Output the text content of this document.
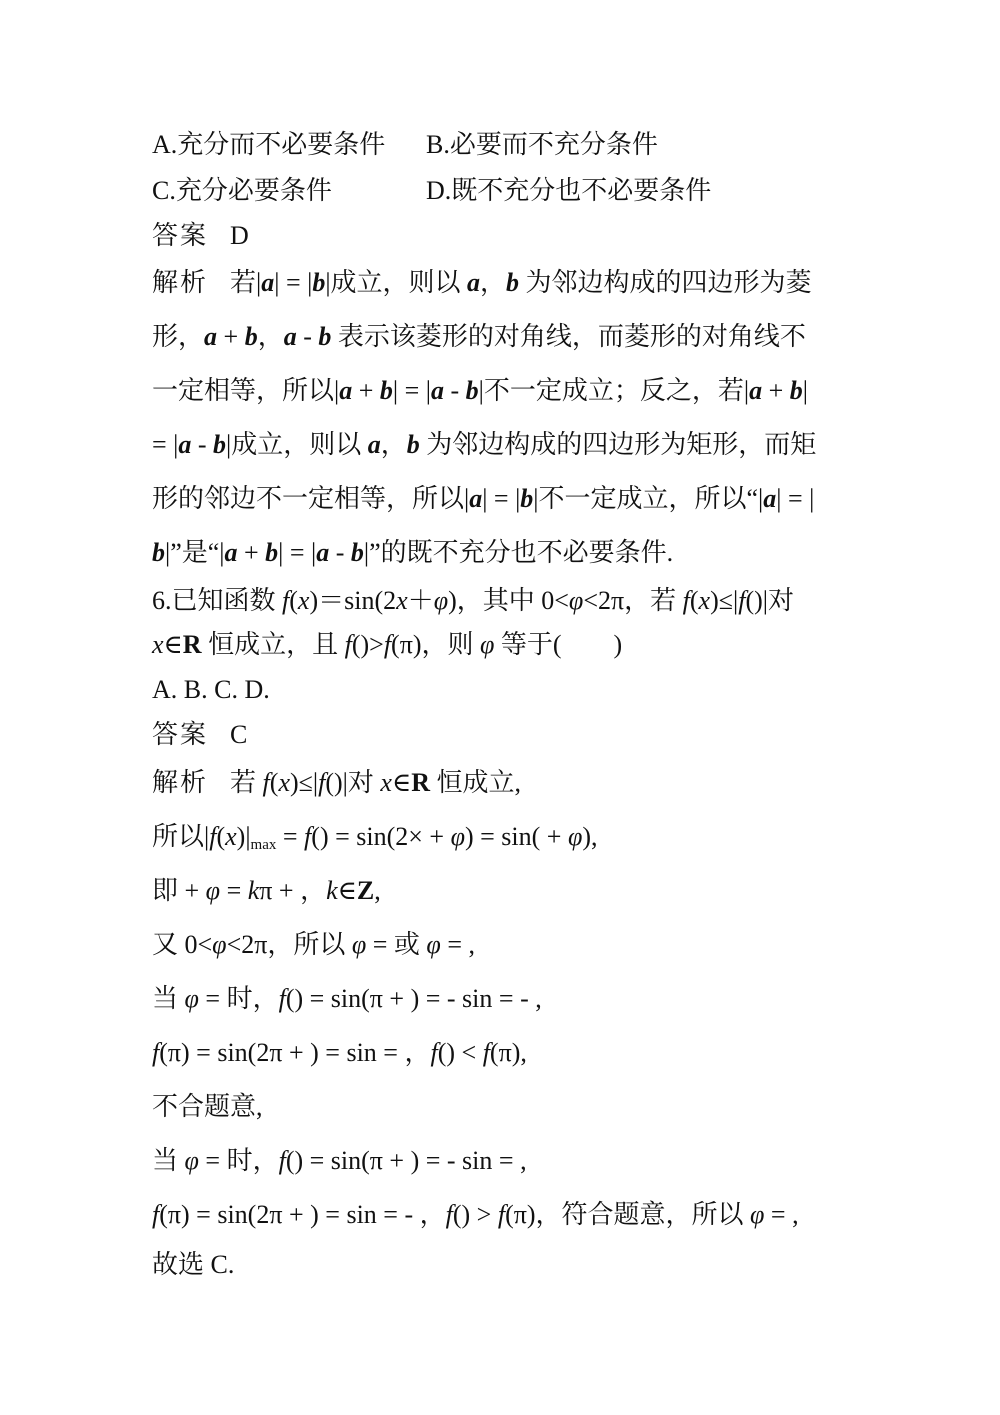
A.充分而不必要条件 B.必要而不充分条件
C.充分必要条件	D.既不充分也不必要条件
答案 D
解析 若|a| = |b|成立，则以 a，b 为邻边构成的四边形为菱
形，a + b，a - b 表示该菱形的对角线，而菱形的对角线不
一定相等，所以|a + b| = |a - b|不一定成立；反之，若|a + b|
= |a - b|成立，则以 a，b 为邻边构成的四边形为矩形，而矩
形的邻边不一定相等，所以|a| = |b|不一定成立，所以“|a| = |
b|”是“|a + b| = |a - b|”的既不充分也不必要条件.
6.已知函数 f(x)＝sin(2x＋φ)，其中 0<φ<2π，若 f(x)≤|f()|对
x∈R 恒成立，且 f()>f(π)，则 φ 等于(　　)
A. B. C. D.
答案 C
解析 若 f(x)≤|f()|对 x∈R 恒成立,
所以$|f(x)|_{max} = f() = \sin(2\times + \varphi) = \sin( + \varphi)$,
即 + φ = kπ + ，k∈Z,
又 0<φ<2π，所以 φ = 或 φ = ,
当 φ = 时，f() = sin(π + ) = - sin = - ,
f(π) = sin(2π + ) = sin = ，f() < f(π),
不合题意,
当 φ = 时，f() = sin(π + ) = - sin = ,
f(π) = sin(2π + ) = sin = - ，f() > f(π)，符合题意，所以 φ = ,
故选 C.
